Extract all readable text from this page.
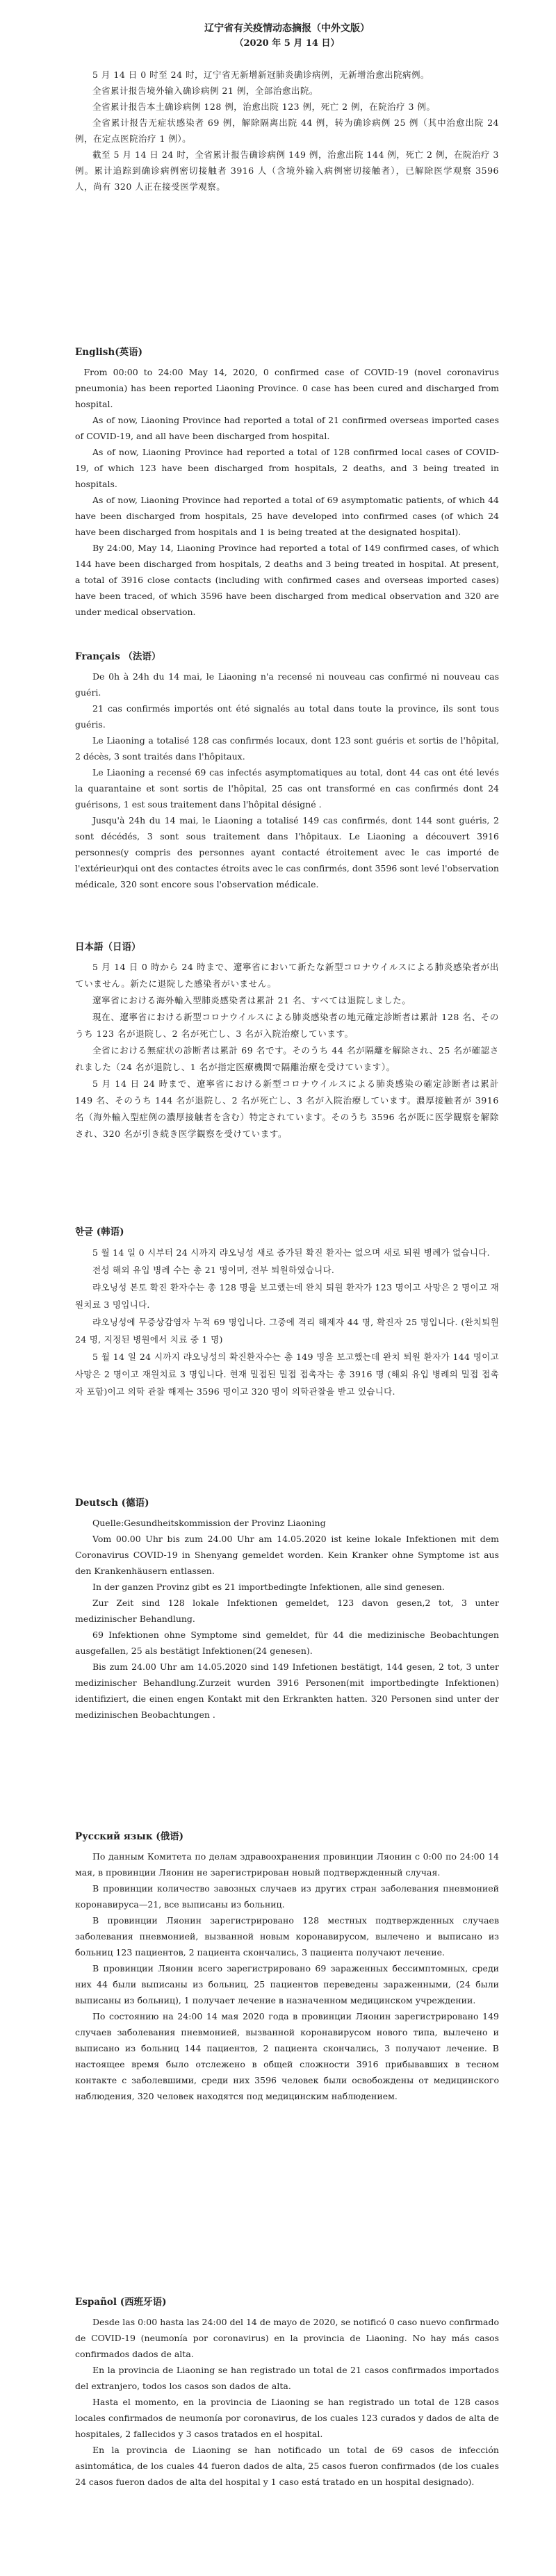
辽宁省有关疫情动态摘报（中外文版）

（2020 年 5 月 14 日）

5 月 14 日 0 时至 24 时，辽宁省无新增新冠肺炎确诊病例，无新增治愈出院病例。

全省累计报告境外输入确诊病例 21 例，全部治愈出院。

全省累计报告本土确诊病例 128 例，治愈出院 123 例，死亡 2 例，在院治疗 3 例。

全省累计报告无症状感染者 69 例，解除隔离出院 44 例，转为确诊病例 25 例（其中治愈出院 24 例，在定点医院治疗 1 例）。

截至 5 月 14 日 24 时，全省累计报告确诊病例 149 例，治愈出院 144 例，死亡 2 例，在院治疗 3 例。累计追踪到确诊病例密切接触者 3916 人（含境外输入病例密切接触者），已解除医学观察 3596 人，尚有 320 人正在接受医学观察。

English(英语)

From 00:00 to 24:00 May 14, 2020, 0 confirmed case of COVID-19 (novel coronavirus pneumonia) has been reported Liaoning Province. 0 case has been cured and discharged from hospital.

As of now, Liaoning Province had reported a total of 21 confirmed overseas imported cases of COVID-19, and all have been discharged from hospital.

As of now, Liaoning Province had reported a total of 128 confirmed local cases of COVID-19, of which 123 have been discharged from hospitals, 2 deaths, and 3 being treated in hospitals.

As of now, Liaoning Province had reported a total of 69 asymptomatic patients, of which 44 have been discharged from hospitals, 25 have developed into confirmed cases (of which 24 have been discharged from hospitals and 1 is being treated at the designated hospital).

By 24:00, May 14, Liaoning Province had reported a total of 149 confirmed cases, of which 144 have been discharged from hospitals, 2 deaths and 3 being treated in hospital. At present, a total of 3916 close contacts (including with confirmed cases and overseas imported cases) have been traced, of which 3596 have been discharged from medical observation and 320 are under medical observation.

Français （法语）

De 0h à 24h du 14 mai, le Liaoning n'a recensé ni nouveau cas confirmé ni nouveau cas guéri.

21 cas confirmés importés ont été signalés au total dans toute la province, ils sont tous guéris.

Le Liaoning a totalisé 128 cas confirmés locaux, dont 123 sont guéris et sortis de l'hôpital, 2 décès, 3 sont traités dans l'hôpitaux.

Le Liaoning a recensé 69 cas infectés asymptomatiques au total, dont 44 cas ont été levés la quarantaine et sont sortis de l'hôpital, 25 cas ont transformé en cas confirmés dont 24 guérisons, 1 est sous traitement dans l'hôpital désigné .

Jusqu'à 24h du 14 mai, le Liaoning a totalisé 149 cas confirmés, dont 144 sont guéris, 2 sont décédés, 3 sont sous traitement dans l'hôpitaux. Le Liaoning a découvert 3916 personnes(y compris des personnes ayant contacté étroitement avec le cas importé de l'extérieur)qui ont des contactes étroits avec le cas confirmés, dont 3596 sont levé l'observation médicale, 320 sont encore sous l'observation médicale.

日本語（日语）

5 月 14 日 0 時から 24 時まで、遼寧省において新たな新型コロナウイルスによる肺炎感染者が出ていません。新たに退院した感染者がいません。

遼寧省における海外輸入型肺炎感染者は累計 21 名、すべては退院しました。

現在、遼寧省における新型コロナウイルスによる肺炎感染者の地元確定診断者は累計 128 名、そのうち 123 名が退院し、2 名が死亡し、3 名が入院治療しています。

全省における無症状の診断者は累計 69 名です。そのうち 44 名が隔離を解除され、25 名が確認されました（24 名が退院し、1 名が指定医療機関で隔離治療を受けています）。

5 月 14 日 24 時まで、遼寧省における新型コロナウイルスによる肺炎感染の確定診断者は累計 149 名、そのうち 144 名が退院し、2 名が死亡し、3 名が入院治療しています。濃厚接触者が 3916 名（海外輸入型症例の濃厚接触者を含む）特定されています。そのうち 3596 名が既に医学観察を解除され、320 名が引き続き医学観察を受けています。

한글 (韩语)

5 월 14 일 0 시부터 24 시까지 랴오닝성 새로 증가된 확진 환자는 없으며 새로 퇴원 병례가 없습니다.

전성 해외 유입 병례 수는 총 21 명이며, 전부 퇴원하였습니다.

랴오닝성 본토 확진 환자수는 총 128 명을 보고했는데 완치 퇴원 환자가 123 명이고 사망은 2 명이고 재원치료 3 명입니다.

랴오닝성에 무증상감염자 누적 69 명입니다. 그중에 격리 해제자 44 명, 확진자 25 명입니다. (완치퇴원 24 명, 지정된 병원에서 치료 중 1 명)

5 월 14 일 24 시까지 랴오닝성의 확진환자수는 총 149 명을 보고했는데 완치 퇴원 환자가 144 명이고 사망은 2 명이고 재원치료 3 명입니다. 현재 밀접된 밀접 접촉자는 총 3916 명 (해외 유입 병례의 밀접 접촉자 포함)이고 의학 관찰 해제는 3596 명이고 320 명이 의학관찰을 받고 있습니다.

Deutsch (德语)

Quelle:Gesundheitskommission der Provinz Liaoning

Vom 00.00 Uhr bis zum 24.00 Uhr am 14.05.2020 ist keine lokale Infektionen mit dem Coronavirus COVID-19 in Shenyang gemeldet worden. Kein Kranker ohne Symptome ist aus den Krankenhäusern entlassen.

In der ganzen Provinz gibt es 21 importbedingte Infektionen, alle sind genesen.

Zur Zeit sind 128 lokale Infektionen gemeldet, 123 davon gesen,2 tot, 3 unter medizinischer Behandlung.

69 Infektionen ohne Symptome sind gemeldet, für 44 die medizinische Beobachtungen ausgefallen, 25 als bestätigt Infektionen(24 genesen).

Bis zum 24.00 Uhr am 14.05.2020 sind 149 Infetionen bestätigt, 144 gesen, 2 tot, 3 unter medizinischer Behandlung.Zurzeit wurden 3916 Personen(mit importbedingte Infektionen) identifiziert, die einen engen Kontakt mit den Erkrankten hatten. 320 Personen sind unter der medizinischen Beobachtungen .

Русский язык (俄语)

По данным Комитета по делам здравоохранения провинции Ляонин с 0:00 по 24:00 14 мая, в провинции Ляонин не зарегистрирован новый подтвержденный случая.

В провинции количество завозных случаев из других стран заболевания пневмонией коронавируса—21, все выписаны из больниц.

В провинции Ляонин зарегистрировано 128 местных подтвержденных случаев заболевания пневмонией, вызванной новым коронавирусом, вылечено и выписано из больниц 123 пациентов, 2 пациента скончались, 3 пациента получают лечение.

В провинции Ляонин всего зарегистрировано 69 зараженных бессимптомных, среди них 44 были выписаны из больниц, 25 пациентов переведены зараженными, (24 были выписаны из больниц), 1 получает лечение в назначенном медицинском учреждении.

По состоянию на 24:00 14 мая 2020 года в провинции Ляонин зарегистрировано 149 случаев заболевания пневмонией, вызванной коронавирусом нового типа, вылечено и выписано из больниц 144 пациентов, 2 пациента скончались, 3 получают лечение. В настоящее время было отслежено в общей сложности 3916 прибывавших в тесном контакте с заболевшими, среди них 3596 человек были освобождены от медицинского наблюдения, 320 человек находятся под медицинским наблюдением.

Español (西班牙语)

Desde las 0:00 hasta las 24:00 del 14 de mayo de 2020, se notificó 0 caso nuevo confirmado de COVID-19 (neumonía por coronavirus) en la provincia de Liaoning. No hay más casos confirmados dados de alta.

En la provincia de Liaoning se han registrado un total de 21 casos confirmados importados del extranjero, todos los casos son dados de alta.

Hasta el momento, en la provincia de Liaoning se han registrado un total de 128 casos locales confirmados de neumonía por coronavirus, de los cuales 123 curados y dados de alta de hospitales, 2 fallecidos y 3 casos tratados en el hospital.

En la provincia de Liaoning se han notificado un total de 69 casos de infección asintomática, de los cuales 44 fueron dados de alta, 25 casos fueron confirmados (de los cuales 24 casos fueron dados de alta del hospital y 1 caso está tratado en un hospital designado).
